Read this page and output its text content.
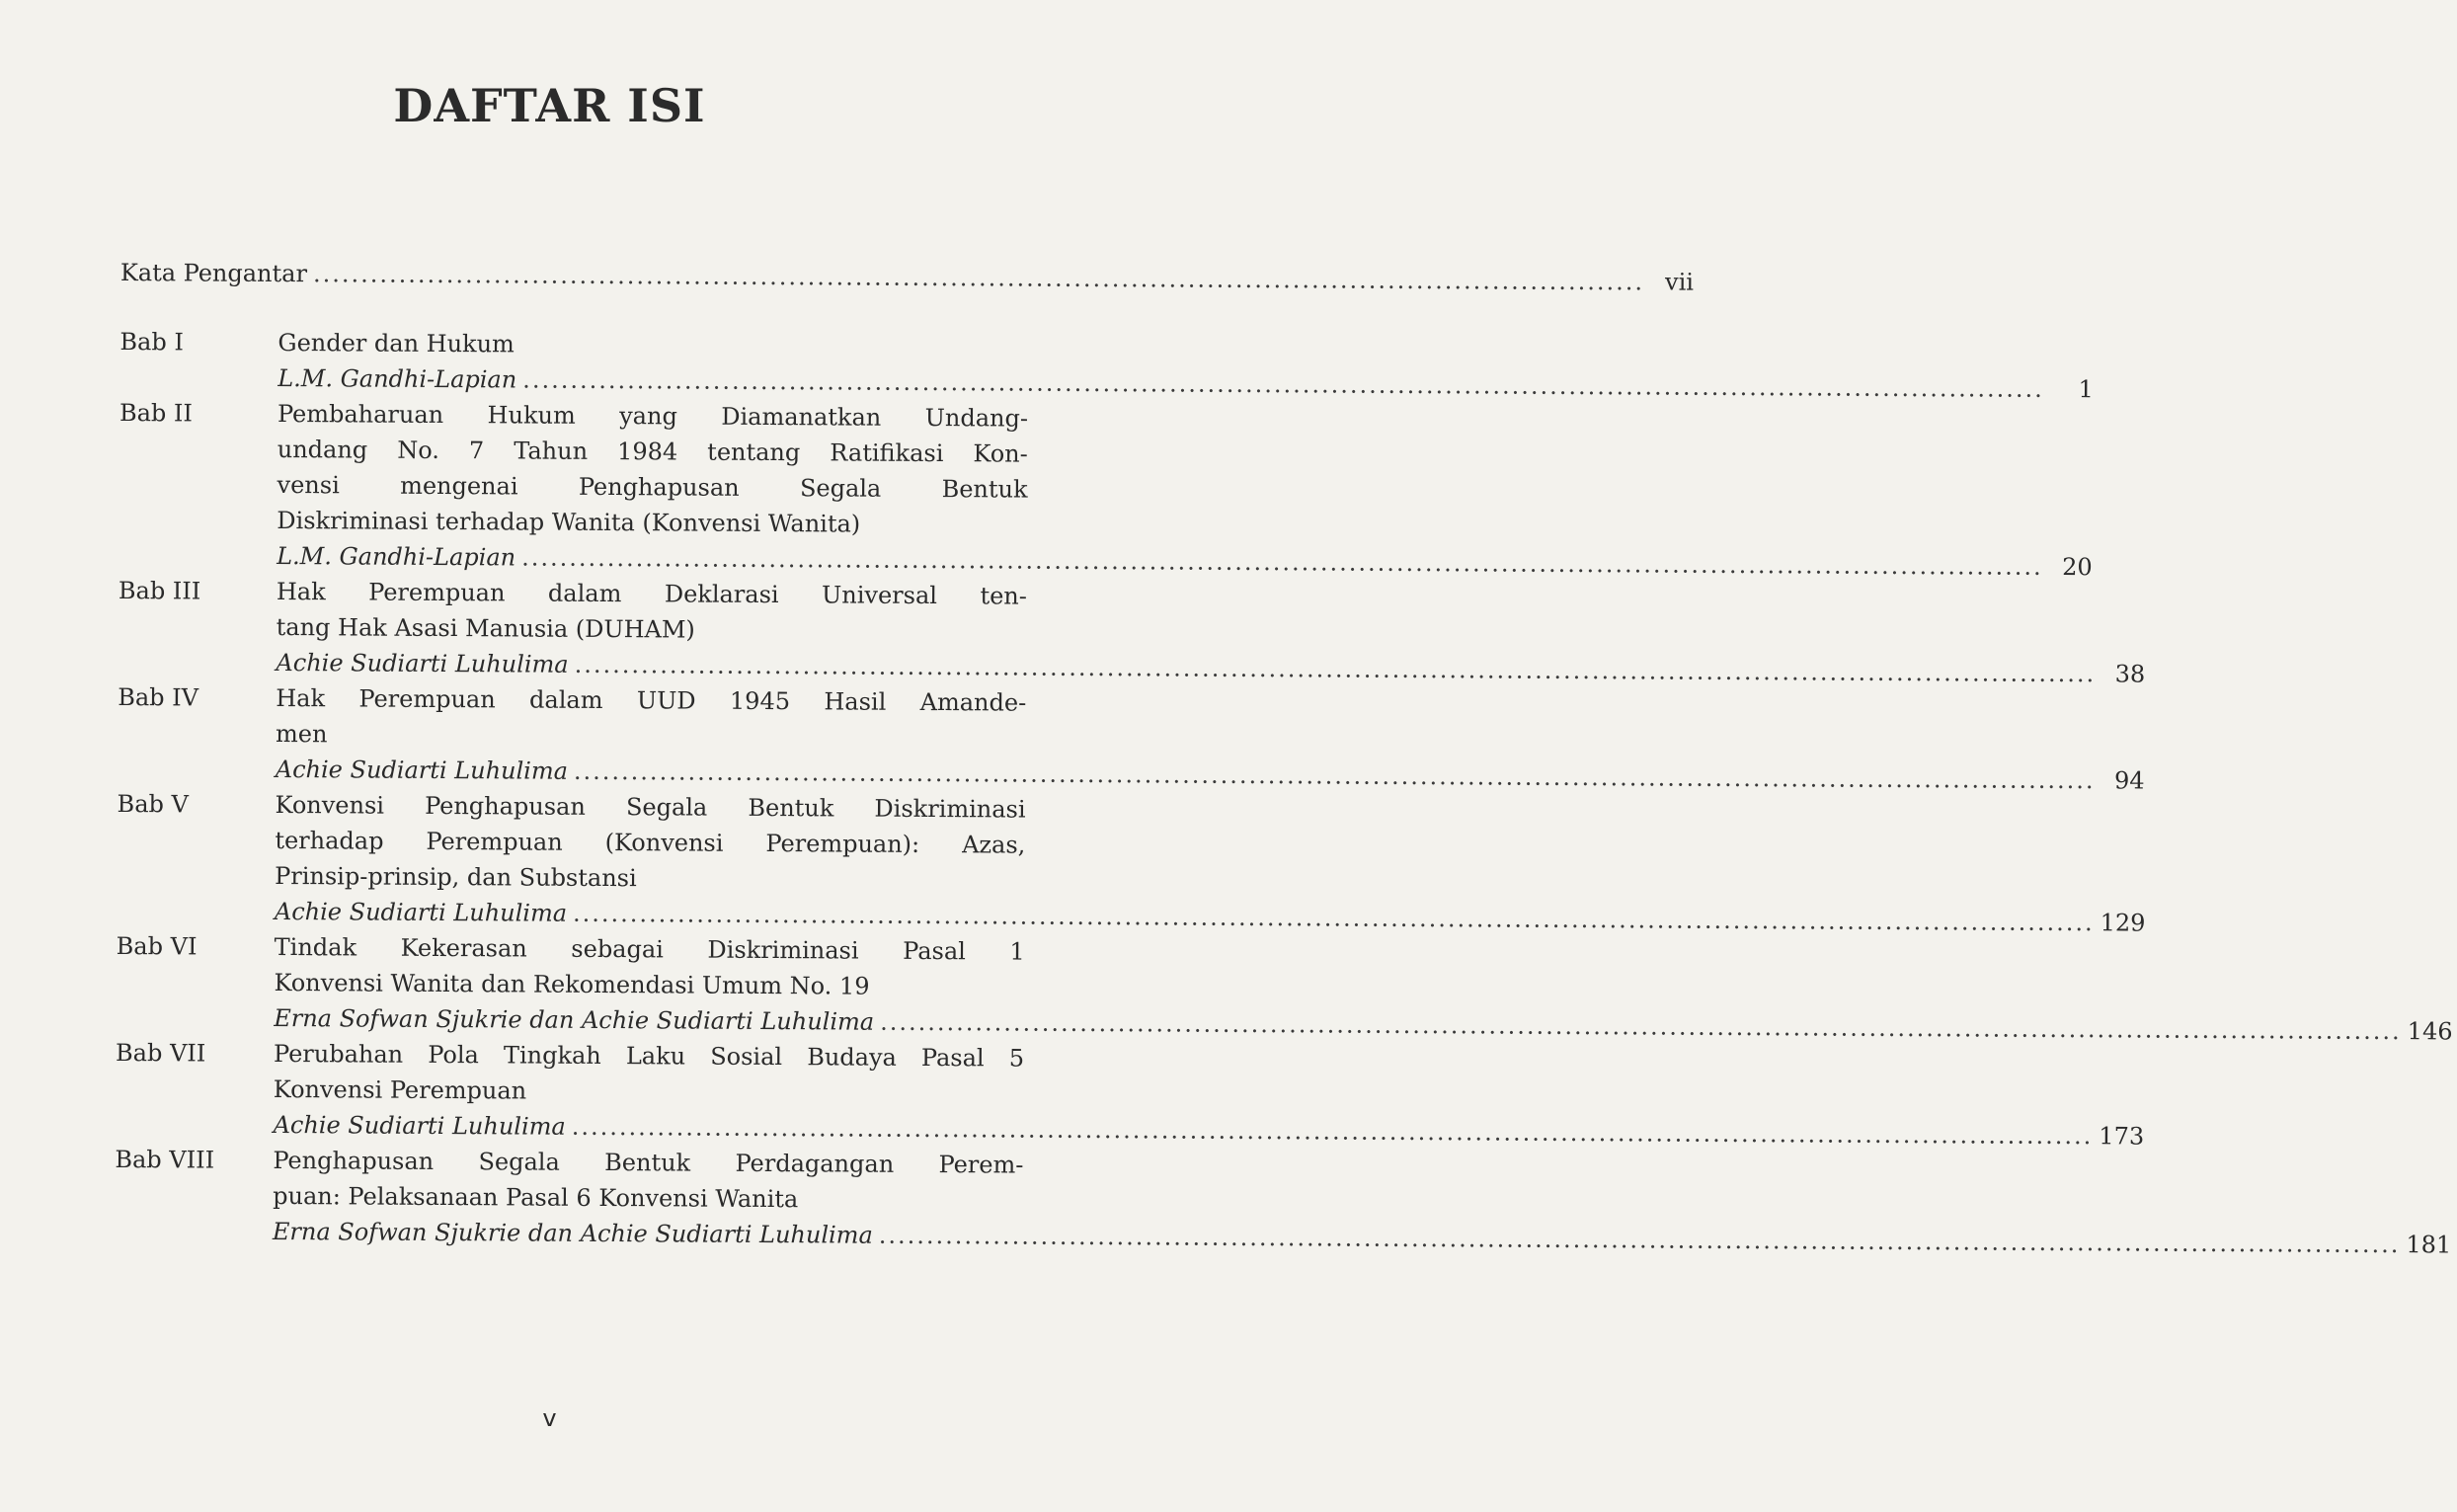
DAFTAR ISI
Kata Pengantar ............................................................................................................................................ vii
Bab I	Gender dan Hukum
L.M. Gandhi-Lapian ................................................................................................................................................................	1
Bab II	Pembaharuan Hukum yang Diamanatkan Undang-
undang No. 7 Tahun 1984 tentang Ratifikasi Kon-
vensi mengenai Penghapusan Segala Bentuk
Diskriminasi terhadap Wanita (Konvensi Wanita)
L.M. Gandhi-Lapian ................................................................................................................................................................ 20
Bab III	Hak Perempuan dalam Deklarasi Universal ten-
tang Hak Asasi Manusia (DUHAM)
Achie Sudiarti Luhulima ................................................................................................................................................................ 38
Bab IV	Hak Perempuan dalam UUD 1945 Hasil Amande-
men
Achie Sudiarti Luhulima ................................................................................................................................................................ 94
Bab V	Konvensi Penghapusan Segala Bentuk Diskriminasi
terhadap Perempuan (Konvensi Perempuan): Azas,
Prinsip-prinsip, dan Substansi
Achie Sudiarti Luhulima ................................................................................................................................................................ 129
Bab VI	Tindak Kekerasan sebagai Diskriminasi Pasal 1
Konvensi Wanita dan Rekomendasi Umum No. 19
Erna Sofwan Sjukrie dan Achie Sudiarti Luhulima ................................................................................................................................................................ 146
Bab VII	Perubahan Pola Tingkah Laku Sosial Budaya Pasal 5
Konvensi Perempuan
Achie Sudiarti Luhulima ................................................................................................................................................................ 173
Bab VIII	Penghapusan Segala Bentuk Perdagangan Perem-
puan: Pelaksanaan Pasal 6 Konvensi Wanita
Erna Sofwan Sjukrie dan Achie Sudiarti Luhulima ................................................................................................................................................................ 181
v
